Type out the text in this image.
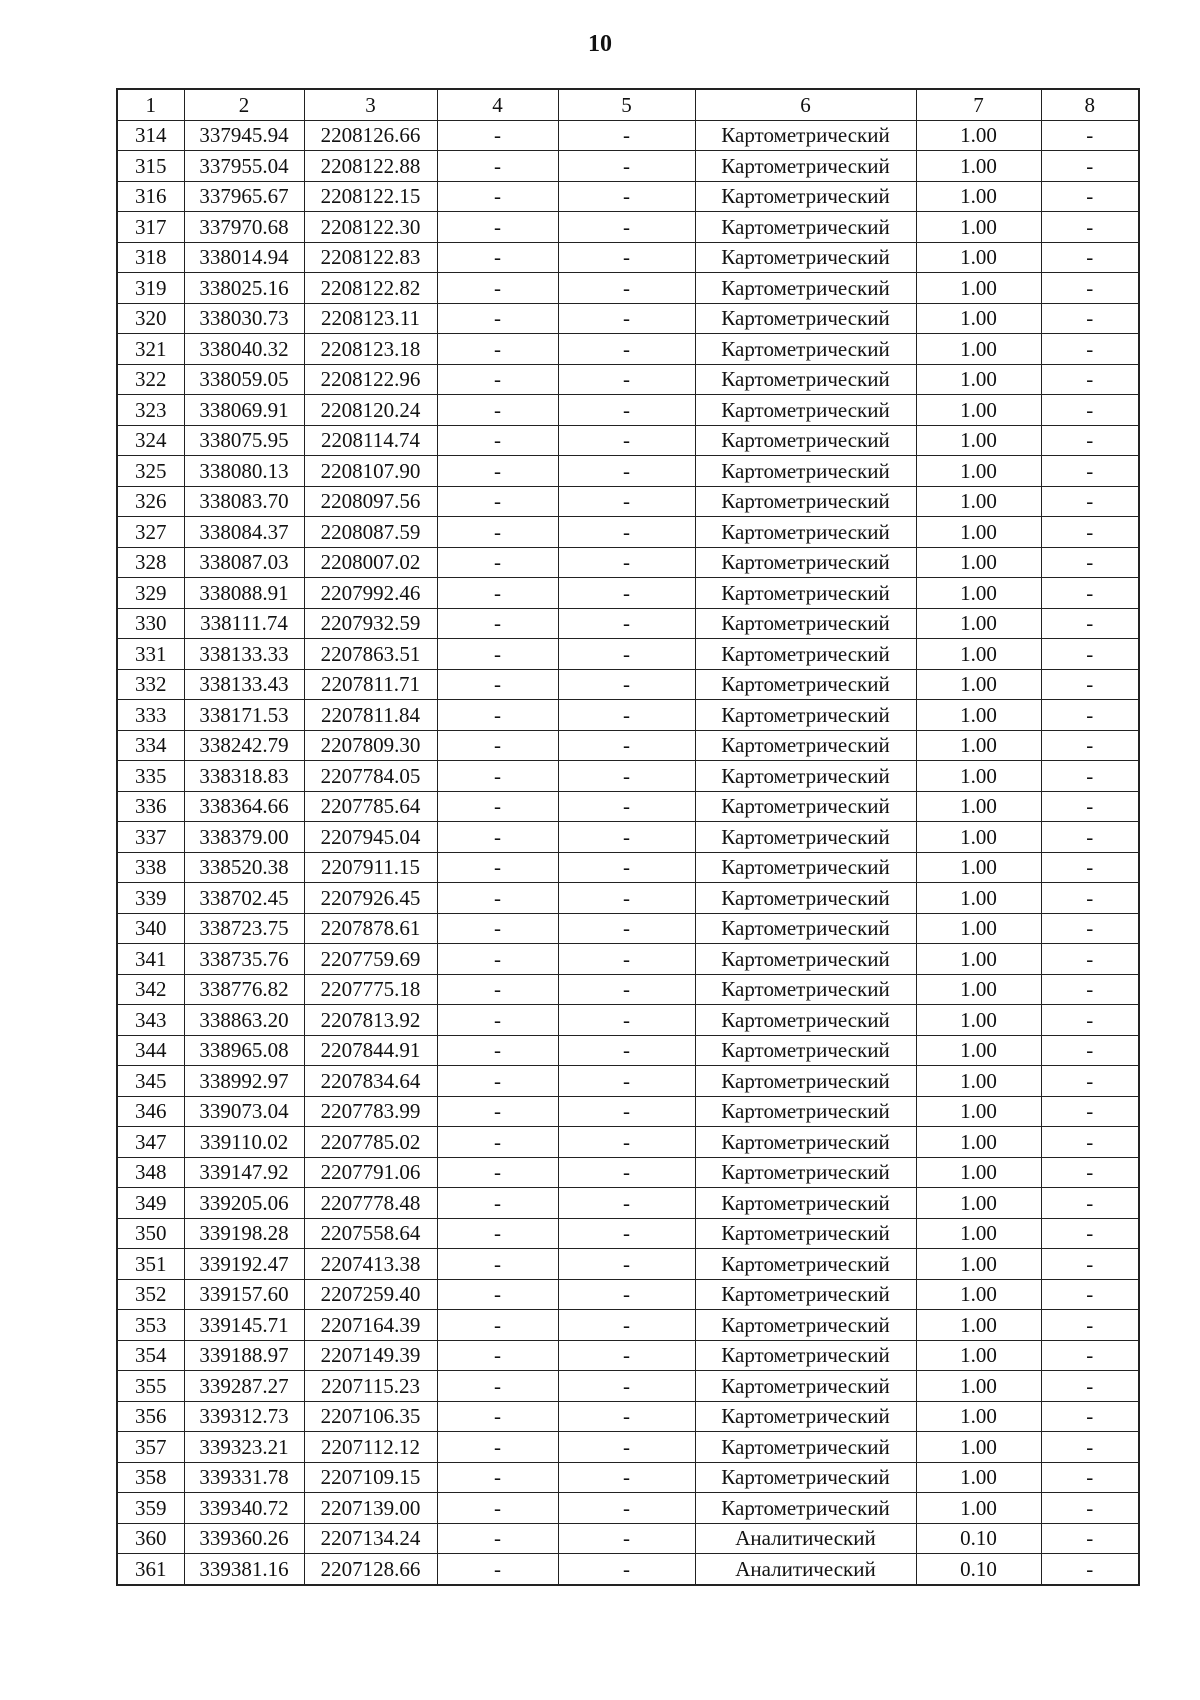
10
1	2	3	4	5	6	7	8
314	337945.94	2208126.66	-	-	Картометрический	1.00	-
315	337955.04	2208122.88	-	-	Картометрический	1.00	-
316	337965.67	2208122.15	-	-	Картометрический	1.00	-
317	337970.68	2208122.30	-	-	Картометрический	1.00	-
318	338014.94	2208122.83	-	-	Картометрический	1.00	-
319	338025.16	2208122.82	-	-	Картометрический	1.00	-
320	338030.73	2208123.11	-	-	Картометрический	1.00	-
321	338040.32	2208123.18	-	-	Картометрический	1.00	-
322	338059.05	2208122.96	-	-	Картометрический	1.00	-
323	338069.91	2208120.24	-	-	Картометрический	1.00	-
324	338075.95	2208114.74	-	-	Картометрический	1.00	-
325	338080.13	2208107.90	-	-	Картометрический	1.00	-
326	338083.70	2208097.56	-	-	Картометрический	1.00	-
327	338084.37	2208087.59	-	-	Картометрический	1.00	-
328	338087.03	2208007.02	-	-	Картометрический	1.00	-
329	338088.91	2207992.46	-	-	Картометрический	1.00	-
330	338111.74	2207932.59	-	-	Картометрический	1.00	-
331	338133.33	2207863.51	-	-	Картометрический	1.00	-
332	338133.43	2207811.71	-	-	Картометрический	1.00	-
333	338171.53	2207811.84	-	-	Картометрический	1.00	-
334	338242.79	2207809.30	-	-	Картометрический	1.00	-
335	338318.83	2207784.05	-	-	Картометрический	1.00	-
336	338364.66	2207785.64	-	-	Картометрический	1.00	-
337	338379.00	2207945.04	-	-	Картометрический	1.00	-
338	338520.38	2207911.15	-	-	Картометрический	1.00	-
339	338702.45	2207926.45	-	-	Картометрический	1.00	-
340	338723.75	2207878.61	-	-	Картометрический	1.00	-
341	338735.76	2207759.69	-	-	Картометрический	1.00	-
342	338776.82	2207775.18	-	-	Картометрический	1.00	-
343	338863.20	2207813.92	-	-	Картометрический	1.00	-
344	338965.08	2207844.91	-	-	Картометрический	1.00	-
345	338992.97	2207834.64	-	-	Картометрический	1.00	-
346	339073.04	2207783.99	-	-	Картометрический	1.00	-
347	339110.02	2207785.02	-	-	Картометрический	1.00	-
348	339147.92	2207791.06	-	-	Картометрический	1.00	-
349	339205.06	2207778.48	-	-	Картометрический	1.00	-
350	339198.28	2207558.64	-	-	Картометрический	1.00	-
351	339192.47	2207413.38	-	-	Картометрический	1.00	-
352	339157.60	2207259.40	-	-	Картометрический	1.00	-
353	339145.71	2207164.39	-	-	Картометрический	1.00	-
354	339188.97	2207149.39	-	-	Картометрический	1.00	-
355	339287.27	2207115.23	-	-	Картометрический	1.00	-
356	339312.73	2207106.35	-	-	Картометрический	1.00	-
357	339323.21	2207112.12	-	-	Картометрический	1.00	-
358	339331.78	2207109.15	-	-	Картометрический	1.00	-
359	339340.72	2207139.00	-	-	Картометрический	1.00	-
360	339360.26	2207134.24	-	-	Аналитический	0.10	-
361	339381.16	2207128.66	-	-	Аналитический	0.10	-
